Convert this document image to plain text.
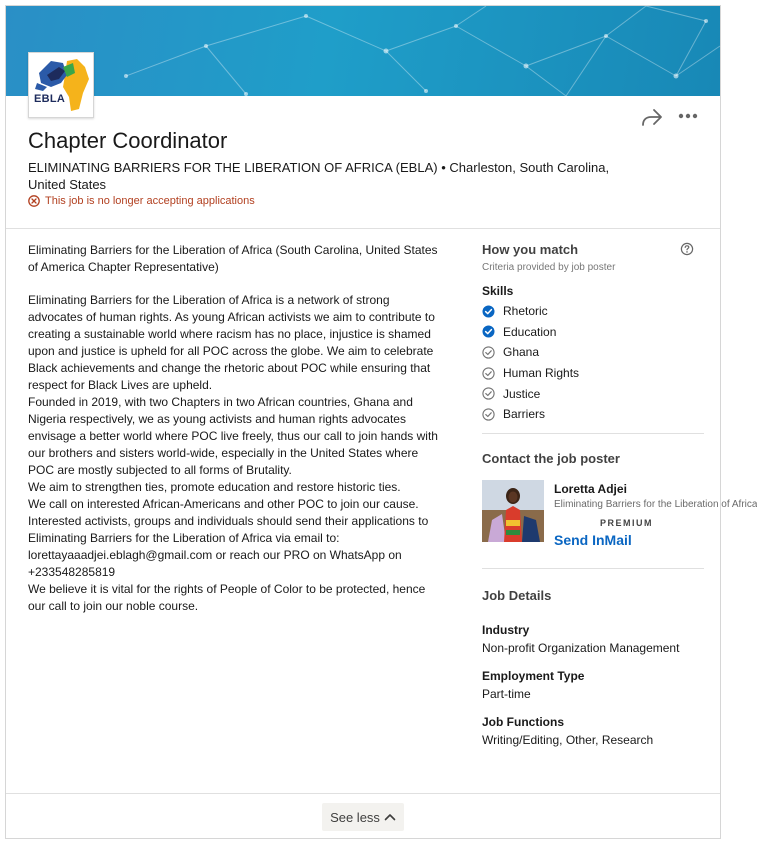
EBLA
Chapter Coordinator
ELIMINATING BARRIERS FOR THE LIBERATION OF AFRICA (EBLA) • Charleston, South Carolina, United States
This job is no longer accepting applications
Eliminating Barriers for the Liberation of Africa (South Carolina, United States of America Chapter Representative)

Eliminating Barriers for the Liberation of Africa is a network of strong advocates of human rights. As young African activists we aim to contribute to creating a sustainable world where racism has no place, injustice is shamed upon and justice is upheld for all POC across the globe. We aim to celebrate Black achievements and change the rhetoric about POC while ensuring that respect for Black Lives are upheld.

Founded in 2019, with two Chapters in two African countries, Ghana and Nigeria respectively, we as young activists and human rights advocates envisage a better world where POC live freely, thus our call to join hands with our brothers and sisters world-wide, especially in the United States where POC are mostly subjected to all forms of Brutality.

We aim to strengthen ties, promote education and restore historic ties.

We call on interested African-Americans and other POC to join our cause.

Interested activists, groups and individuals should send their applications to Eliminating Barriers for the Liberation of Africa via email to: lorettayaaadjei.eblagh@gmail.com or reach our PRO on WhatsApp on +233548285819

We believe it is vital for the rights of People of Color to be protected, hence our call to join our noble course.

How you match
Criteria provided by job poster
Skills
Rhetoric
Education
Ghana
Human Rights
Justice
Barriers
Contact the job poster
Loretta Adjei
Eliminating Barriers for the Liberation of Africa
PREMIUM
Send InMail
Job Details
Industry
Non-profit Organization Management
Employment Type
Part-time
Job Functions
Writing/Editing, Other, Research
See less
